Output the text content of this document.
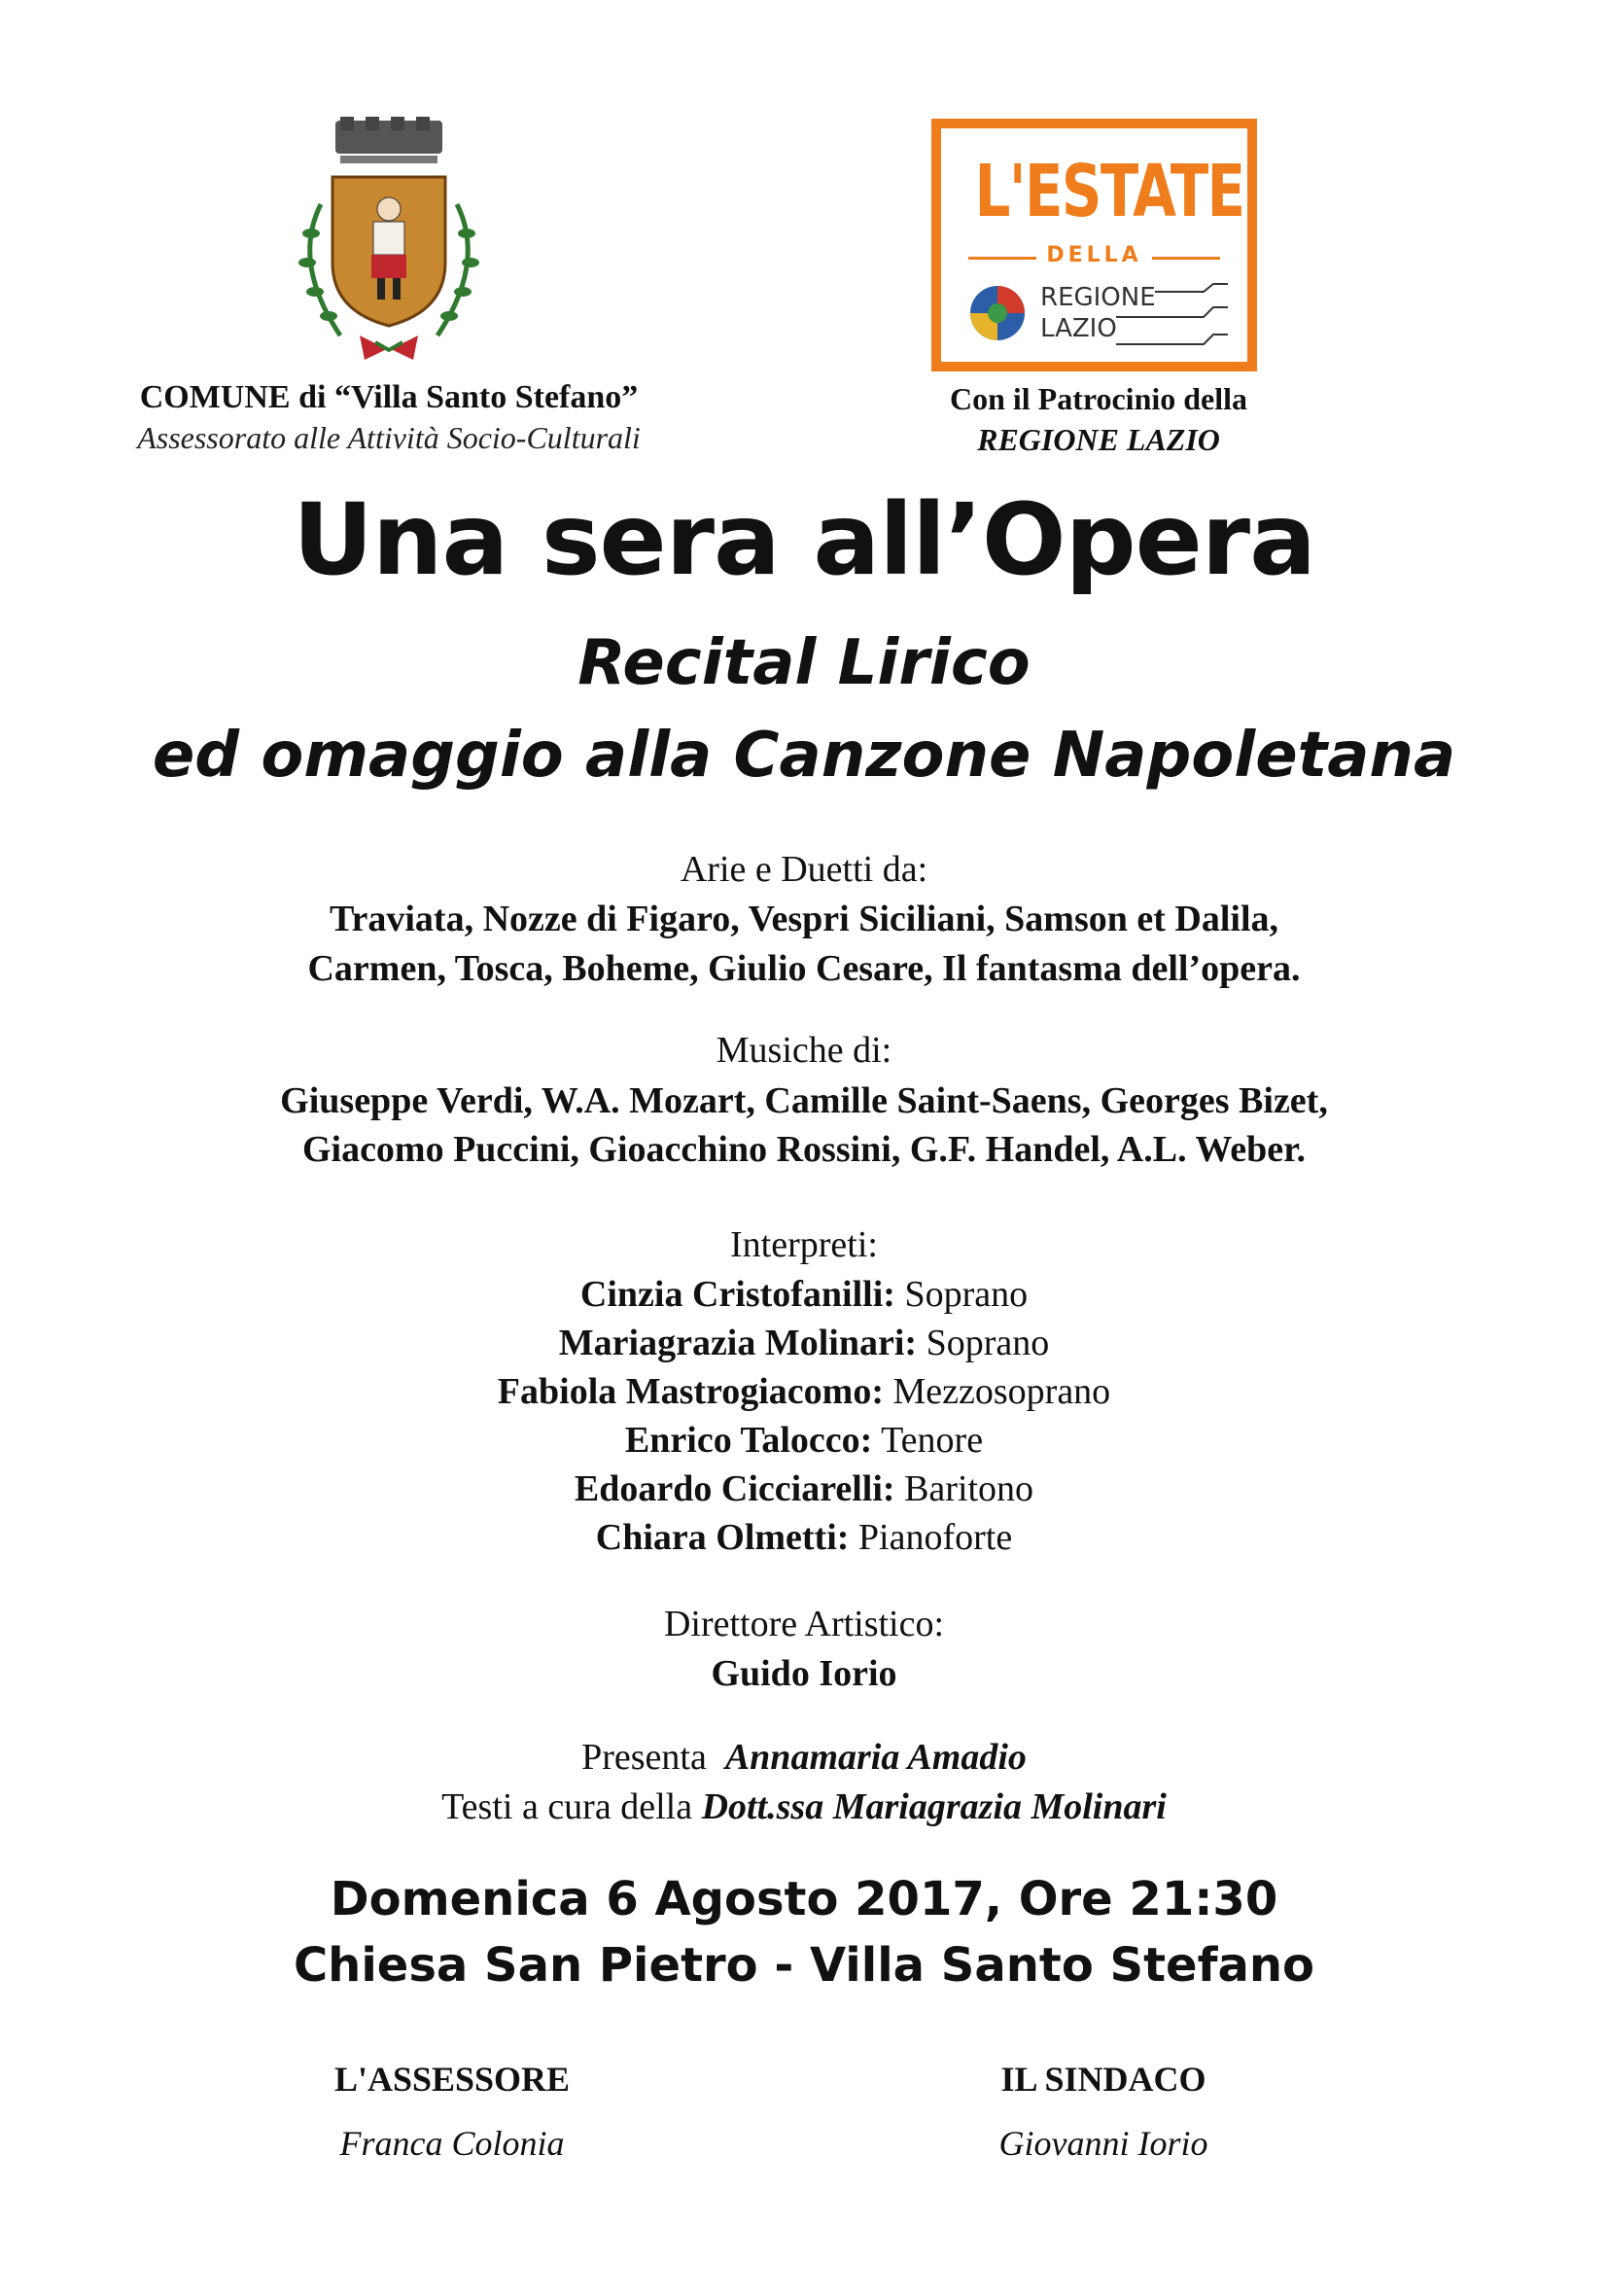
COMUNE di “Villa Santo Stefano”
Assessorato alle Attività Socio-Culturali
L'ESTATE
DELLA
REGIONE
LAZIO
Con il Patrocinio della
REGIONE LAZIO
Una sera all’Opera
Recital Lirico
ed omaggio alla Canzone Napoletana
Arie e Duetti da:
Traviata, Nozze di Figaro, Vespri Siciliani, Samson et Dalila,
Carmen, Tosca, Boheme, Giulio Cesare, Il fantasma dell’opera.
Musiche di:
Giuseppe Verdi, W.A. Mozart, Camille Saint-Saens, Georges Bizet,
Giacomo Puccini, Gioacchino Rossini, G.F. Handel, A.L. Weber.
Interpreti:
Cinzia Cristofanilli: Soprano
Mariagrazia Molinari: Soprano
Fabiola Mastrogiacomo: Mezzosoprano
Enrico Talocco: Tenore
Edoardo Cicciarelli: Baritono
Chiara Olmetti: Pianoforte
Direttore Artistico:
Guido Iorio
Presenta  Annamaria Amadio
Testi a cura della Dott.ssa Mariagrazia Molinari
Domenica 6 Agosto 2017, Ore 21:30
Chiesa San Pietro - Villa Santo Stefano
L'ASSESSORE
Franca Colonia
IL SINDACO
Giovanni Iorio
